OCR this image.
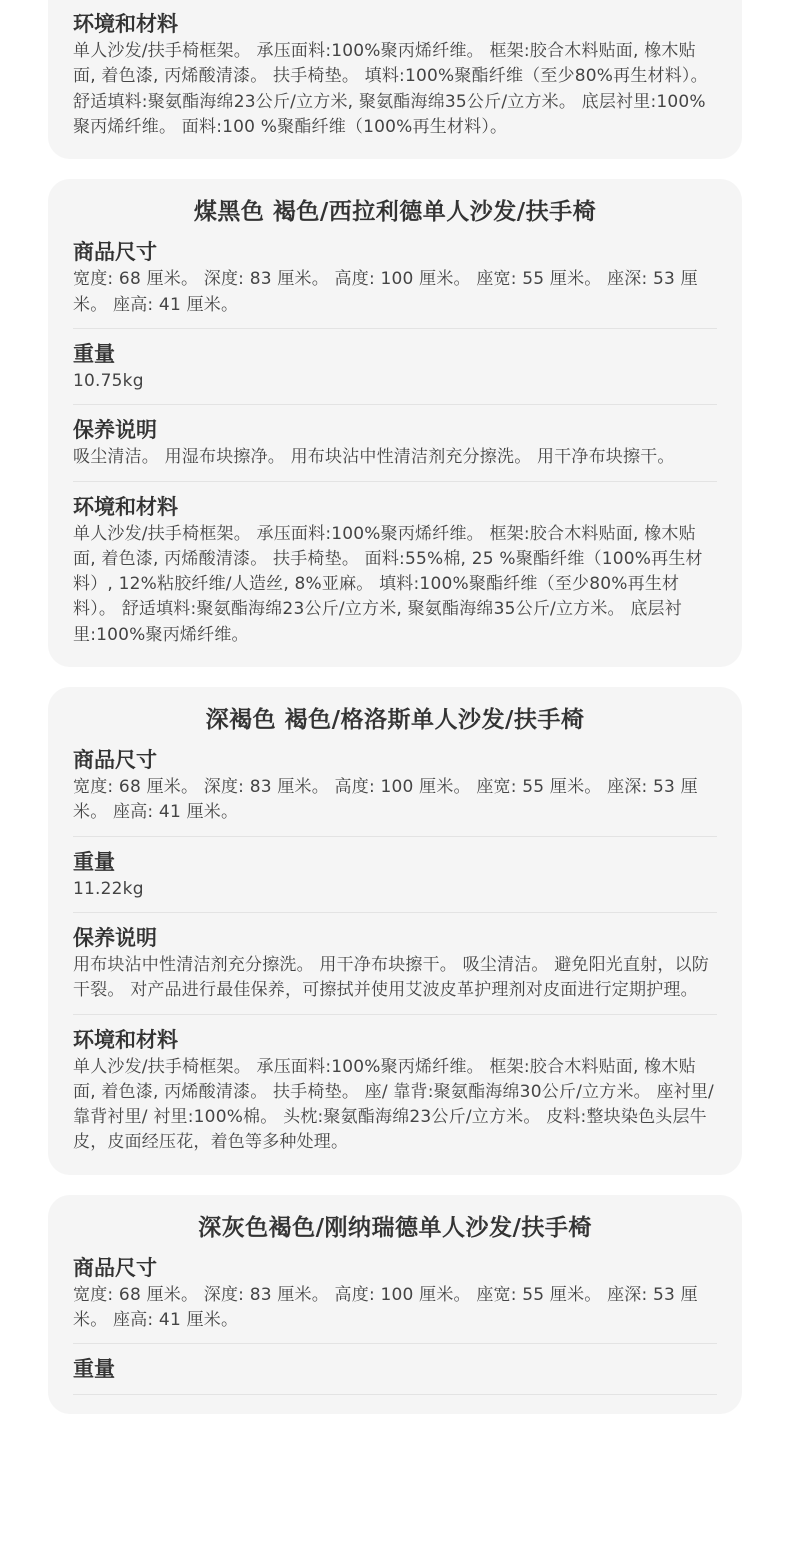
环境和材料

单人沙发/扶手椅框架。 承压面料:100%聚丙烯纤维。 框架:胶合木料贴面, 橡木贴面, 着色漆, 丙烯酸清漆。 扶手椅垫。 填料:100%聚酯纤维（至少80%再生材料）。 舒适填料:聚氨酯海绵23公斤/立方米, 聚氨酯海绵35公斤/立方米。 底层衬里:100%聚丙烯纤维。 面料:100 %聚酯纤维（100%再生材料）。

煤黑色 褐色/西拉利德单人沙发/扶手椅

商品尺寸

宽度: 68 厘米。 深度: 83 厘米。 高度: 100 厘米。 座宽: 55 厘米。 座深: 53 厘米。 座高: 41 厘米。

重量

10.75kg

保养说明

吸尘清洁。 用湿布块擦净。 用布块沾中性清洁剂充分擦洗。 用干净布块擦干。

环境和材料

单人沙发/扶手椅框架。 承压面料:100%聚丙烯纤维。 框架:胶合木料贴面, 橡木贴面, 着色漆, 丙烯酸清漆。 扶手椅垫。 面料:55%棉, 25 %聚酯纤维（100%再生材料）, 12%粘胶纤维/人造丝, 8%亚麻。 填料:100%聚酯纤维（至少80%再生材料）。 舒适填料:聚氨酯海绵23公斤/立方米, 聚氨酯海绵35公斤/立方米。 底层衬里:100%聚丙烯纤维。

深褐色 褐色/格洛斯单人沙发/扶手椅

商品尺寸

宽度: 68 厘米。 深度: 83 厘米。 高度: 100 厘米。 座宽: 55 厘米。 座深: 53 厘米。 座高: 41 厘米。

重量

11.22kg

保养说明

用布块沾中性清洁剂充分擦洗。 用干净布块擦干。 吸尘清洁。 避免阳光直射，以防干裂。 对产品进行最佳保养，可擦拭并使用艾波皮革护理剂对皮面进行定期护理。

环境和材料

单人沙发/扶手椅框架。 承压面料:100%聚丙烯纤维。 框架:胶合木料贴面, 橡木贴面, 着色漆, 丙烯酸清漆。 扶手椅垫。 座/ 靠背:聚氨酯海绵30公斤/立方米。 座衬里/ 靠背衬里/ 衬里:100%棉。 头枕:聚氨酯海绵23公斤/立方米。 皮料:整块染色头层牛皮，皮面经压花，着色等多种处理。

深灰色褐色/刚纳瑞德单人沙发/扶手椅

商品尺寸

宽度: 68 厘米。 深度: 83 厘米。 高度: 100 厘米。 座宽: 55 厘米。 座深: 53 厘米。 座高: 41 厘米。

重量
